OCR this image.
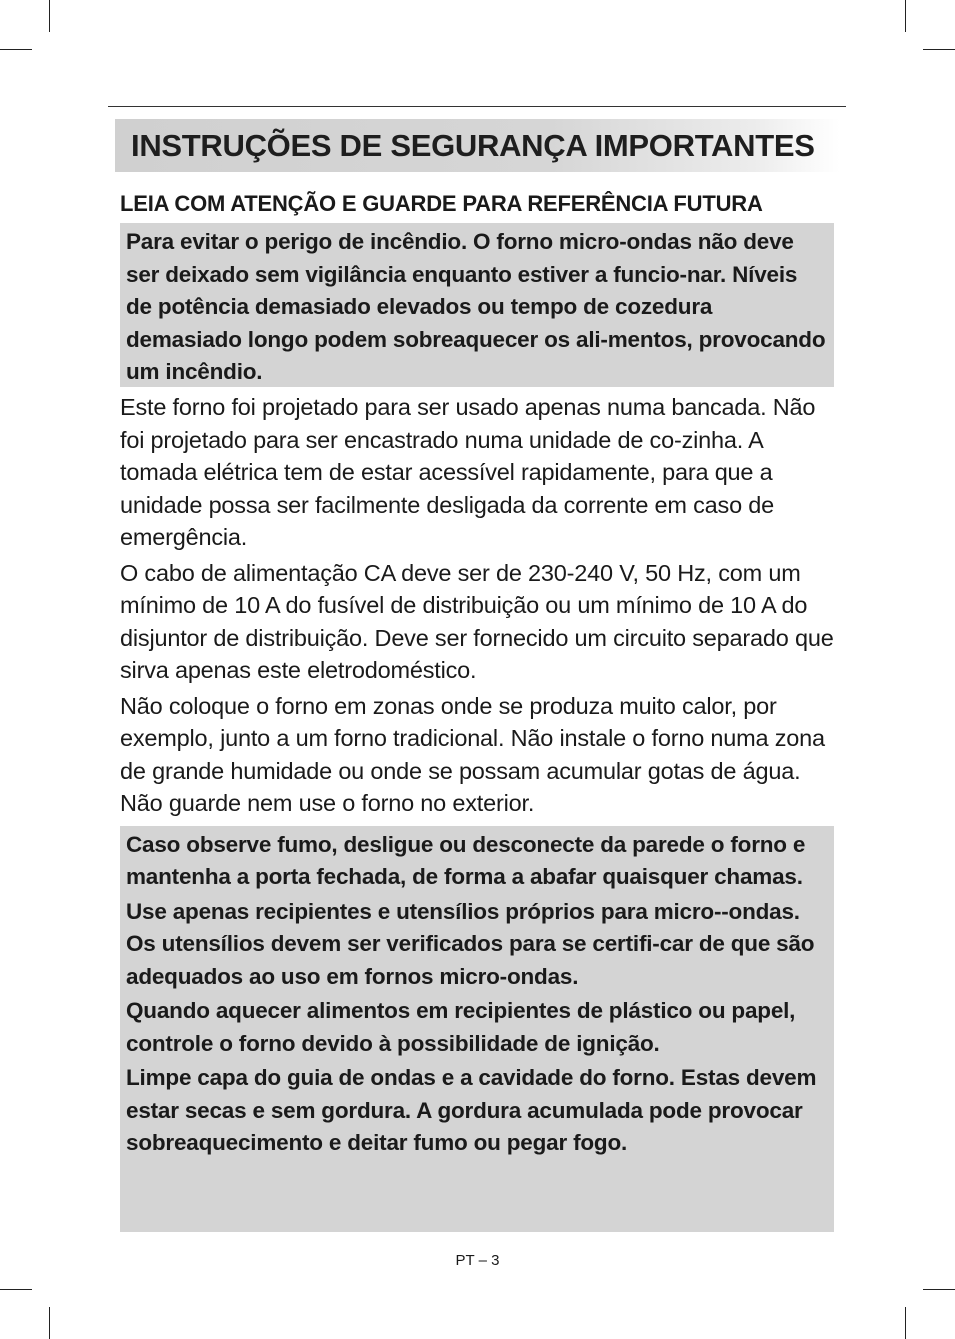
INSTRUÇÕES DE SEGURANÇA IMPORTANTES
LEIA COM ATENÇÃO E GUARDE PARA REFERÊNCIA FUTURA

Para evitar o perigo de incêndio. O forno micro-ondas não deve ser deixado sem vigilância enquanto estiver a funcio-nar. Níveis de potência demasiado elevados ou tempo de cozedura demasiado longo podem sobreaquecer os ali-mentos, provocando um incêndio.

Este forno foi projetado para ser usado apenas numa bancada. Não foi projetado para ser encastrado numa unidade de co-zinha. A tomada elétrica tem de estar acessível rapidamente, para que a unidade possa ser facilmente desligada da corrente em caso de emergência.

O cabo de alimentação CA deve ser de 230-240 V, 50 Hz, com um mínimo de 10 A do fusível de distribuição ou um mínimo de 10 A do disjuntor de distribuição. Deve ser fornecido um circuito separado que sirva apenas este eletrodoméstico.

Não coloque o forno em zonas onde se produza muito calor, por exemplo, junto a um forno tradicional. Não instale o forno numa zona de grande humidade ou onde se possam acumular gotas de água. Não guarde nem use o forno no exterior.

Caso observe fumo, desligue ou desconecte da parede o forno e mantenha a porta fechada, de forma a abafar quaisquer chamas.

Use apenas recipientes e utensílios próprios para micro--ondas. Os utensílios devem ser verificados para se certifi-car de que são adequados ao uso em fornos micro-ondas.

Quando aquecer alimentos em recipientes de plástico ou papel, controle o forno devido à possibilidade de ignição.

Limpe capa do guia de ondas e a cavidade do forno. Estas devem estar secas e sem gordura. A gordura acumulada pode provocar sobreaquecimento e deitar fumo ou pegar fogo.

PT – 3
